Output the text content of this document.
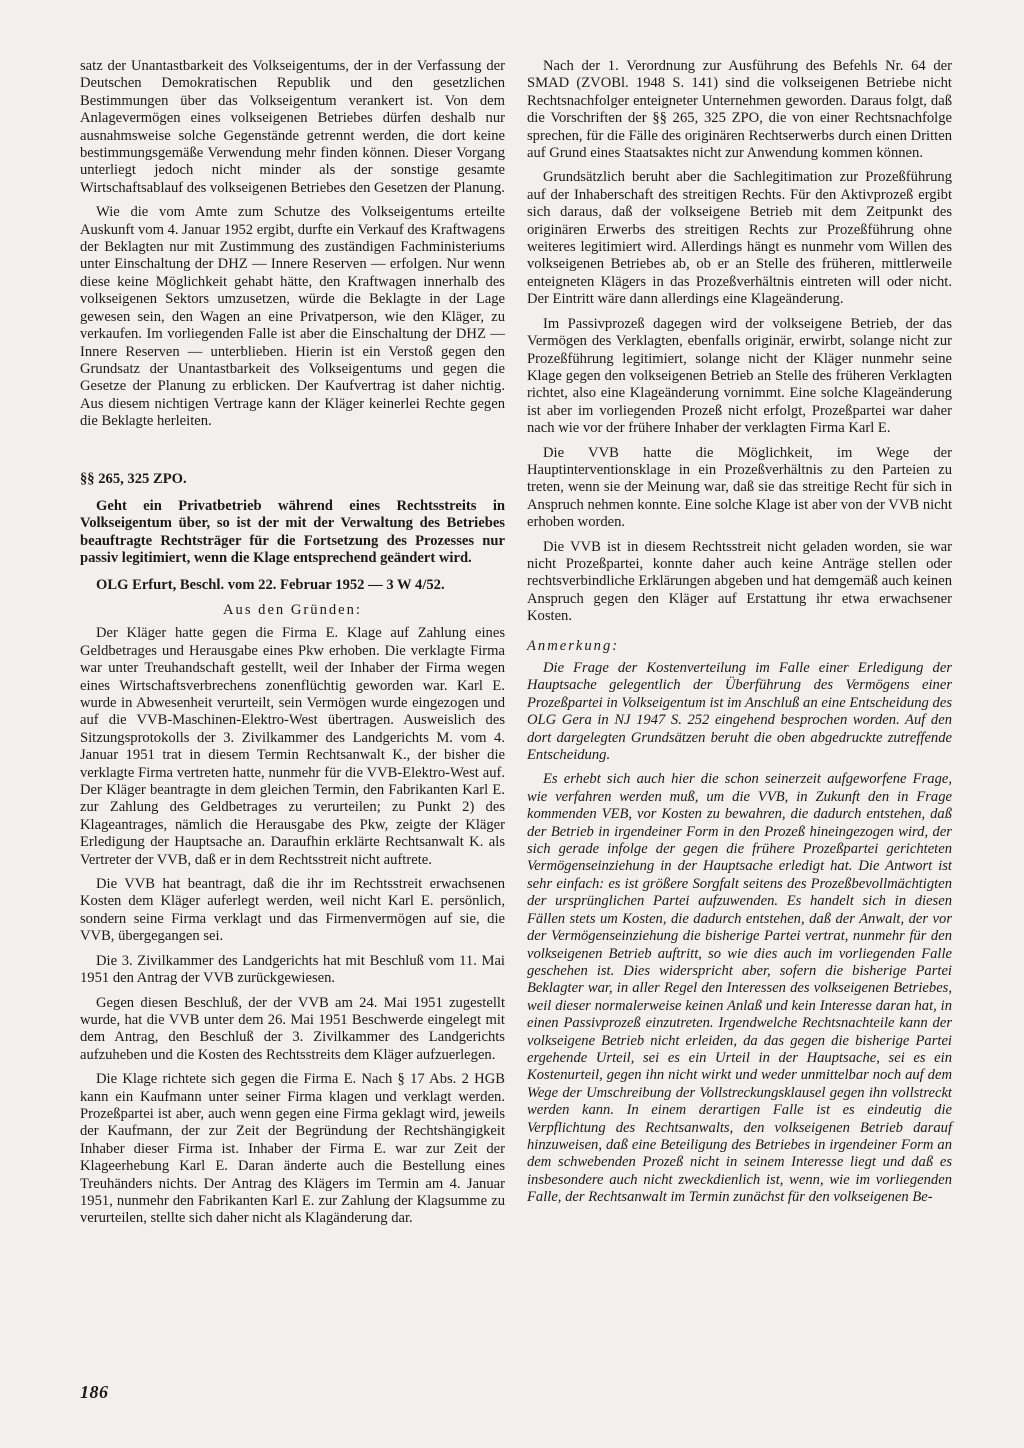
satz der Unantastbarkeit des Volkseigentums, der in der Verfassung der Deutschen Demokratischen Republik und den gesetzlichen Bestimmungen über das Volkseigentum verankert ist. Von dem Anlagevermögen eines volkseigenen Betriebes dürfen deshalb nur ausnahmsweise solche Gegenstände getrennt werden, die dort keine bestimmungsgemäße Verwendung mehr finden können. Dieser Vorgang unterliegt jedoch nicht minder als der sonstige gesamte Wirtschaftsablauf des volkseigenen Betriebes den Gesetzen der Planung.

Wie die vom Amte zum Schutze des Volkseigentums erteilte Auskunft vom 4. Januar 1952 ergibt, durfte ein Verkauf des Kraftwagens der Beklagten nur mit Zustimmung des zuständigen Fachministeriums unter Einschaltung der DHZ — Innere Reserven — erfolgen. Nur wenn diese keine Möglichkeit gehabt hätte, den Kraftwagen innerhalb des volkseigenen Sektors umzusetzen, würde die Beklagte in der Lage gewesen sein, den Wagen an eine Privatperson, wie den Kläger, zu verkaufen. Im vorliegenden Falle ist aber die Einschaltung der DHZ — Innere Reserven — unterblieben. Hierin ist ein Verstoß gegen den Grundsatz der Unantastbarkeit des Volkseigentums und gegen die Gesetze der Planung zu erblicken. Der Kaufvertrag ist daher nichtig. Aus diesem nichtigen Vertrage kann der Kläger keinerlei Rechte gegen die Beklagte herleiten.

§§ 265, 325 ZPO.

Geht ein Privatbetrieb während eines Rechtsstreits in Volkseigentum über, so ist der mit der Verwaltung des Betriebes beauftragte Rechtsträger für die Fortsetzung des Prozesses nur passiv legitimiert, wenn die Klage entsprechend geändert wird.

OLG Erfurt, Beschl. vom 22. Februar 1952 — 3 W 4/52.

Aus den Gründen:

Der Kläger hatte gegen die Firma E. Klage auf Zahlung eines Geldbetrages und Herausgabe eines Pkw erhoben. Die verklagte Firma war unter Treuhandschaft gestellt, weil der Inhaber der Firma wegen eines Wirtschaftsverbrechens zonenflüchtig geworden war. Karl E. wurde in Abwesenheit verurteilt, sein Vermögen wurde eingezogen und auf die VVB-Maschinen-Elektro-West übertragen. Ausweislich des Sitzungsprotokolls der 3. Zivilkammer des Landgerichts M. vom 4. Januar 1951 trat in diesem Termin Rechtsanwalt K., der bisher die verklagte Firma vertreten hatte, nunmehr für die VVB-Elektro-West auf. Der Kläger beantragte in dem gleichen Termin, den Fabrikanten Karl E. zur Zahlung des Geldbetrages zu verurteilen; zu Punkt 2) des Klageantrages, nämlich die Herausgabe des Pkw, zeigte der Kläger Erledigung der Hauptsache an. Daraufhin erklärte Rechtsanwalt K. als Vertreter der VVB, daß er in dem Rechtsstreit nicht auftrete.

Die VVB hat beantragt, daß die ihr im Rechtsstreit erwachsenen Kosten dem Kläger auferlegt werden, weil nicht Karl E. persönlich, sondern seine Firma verklagt und das Firmenvermögen auf sie, die VVB, übergegangen sei.

Die 3. Zivilkammer des Landgerichts hat mit Beschluß vom 11. Mai 1951 den Antrag der VVB zurückgewiesen.

Gegen diesen Beschluß, der der VVB am 24. Mai 1951 zugestellt wurde, hat die VVB unter dem 26. Mai 1951 Beschwerde eingelegt mit dem Antrag, den Beschluß der 3. Zivilkammer des Landgerichts aufzuheben und die Kosten des Rechtsstreits dem Kläger aufzuerlegen.

Die Klage richtete sich gegen die Firma E. Nach § 17 Abs. 2 HGB kann ein Kaufmann unter seiner Firma klagen und verklagt werden. Prozeßpartei ist aber, auch wenn gegen eine Firma geklagt wird, jeweils der Kaufmann, der zur Zeit der Begründung der Rechtshängigkeit Inhaber dieser Firma ist. Inhaber der Firma E. war zur Zeit der Klageerhebung Karl E. Daran änderte auch die Bestellung eines Treuhänders nichts. Der Antrag des Klägers im Termin am 4. Januar 1951, nunmehr den Fabrikanten Karl E. zur Zahlung der Klagsumme zu verurteilen, stellte sich daher nicht als Klagänderung dar.

Nach der 1. Verordnung zur Ausführung des Befehls Nr. 64 der SMAD (ZVOBl. 1948 S. 141) sind die volkseigenen Betriebe nicht Rechtsnachfolger enteigneter Unternehmen geworden. Daraus folgt, daß die Vorschriften der §§ 265, 325 ZPO, die von einer Rechtsnachfolge sprechen, für die Fälle des originären Rechtserwerbs durch einen Dritten auf Grund eines Staatsaktes nicht zur Anwendung kommen können.

Grundsätzlich beruht aber die Sachlegitimation zur Prozeßführung auf der Inhaberschaft des streitigen Rechts. Für den Aktivprozeß ergibt sich daraus, daß der volkseigene Betrieb mit dem Zeitpunkt des originären Erwerbs des streitigen Rechts zur Prozeßführung ohne weiteres legitimiert wird. Allerdings hängt es nunmehr vom Willen des volkseigenen Betriebes ab, ob er an Stelle des früheren, mittlerweile enteigneten Klägers in das Prozeßverhältnis eintreten will oder nicht. Der Eintritt wäre dann allerdings eine Klageänderung.

Im Passivprozeß dagegen wird der volkseigene Betrieb, der das Vermögen des Verklagten, ebenfalls originär, erwirbt, solange nicht zur Prozeßführung legitimiert, solange nicht der Kläger nunmehr seine Klage gegen den volkseigenen Betrieb an Stelle des früheren Verklagten richtet, also eine Klageänderung vornimmt. Eine solche Klageänderung ist aber im vorliegenden Prozeß nicht erfolgt, Prozeßpartei war daher nach wie vor der frühere Inhaber der verklagten Firma Karl E.

Die VVB hatte die Möglichkeit, im Wege der Hauptinterventionsklage in ein Prozeßverhältnis zu den Parteien zu treten, wenn sie der Meinung war, daß sie das streitige Recht für sich in Anspruch nehmen konnte. Eine solche Klage ist aber von der VVB nicht erhoben worden.

Die VVB ist in diesem Rechtsstreit nicht geladen worden, sie war nicht Prozeßpartei, konnte daher auch keine Anträge stellen oder rechtsverbindliche Erklärungen abgeben und hat demgemäß auch keinen Anspruch gegen den Kläger auf Erstattung ihr etwa erwachsener Kosten.

Anmerkung:

Die Frage der Kostenverteilung im Falle einer Erledigung der Hauptsache gelegentlich der Überführung des Vermögens einer Prozeßpartei in Volkseigentum ist im Anschluß an eine Entscheidung des OLG Gera in NJ 1947 S. 252 eingehend besprochen worden. Auf den dort dargelegten Grundsätzen beruht die oben abgedruckte zutreffende Entscheidung.

Es erhebt sich auch hier die schon seinerzeit aufgeworfene Frage, wie verfahren werden muß, um die VVB, in Zukunft den in Frage kommenden VEB, vor Kosten zu bewahren, die dadurch entstehen, daß der Betrieb in irgendeiner Form in den Prozeß hineingezogen wird, der sich gerade infolge der gegen die frühere Prozeßpartei gerichteten Vermögenseinziehung in der Hauptsache erledigt hat. Die Antwort ist sehr einfach: es ist größere Sorgfalt seitens des Prozeßbevollmächtigten der ursprünglichen Partei aufzuwenden. Es handelt sich in diesen Fällen stets um Kosten, die dadurch entstehen, daß der Anwalt, der vor der Vermögenseinziehung die bisherige Partei vertrat, nunmehr für den volkseigenen Betrieb auftritt, so wie dies auch im vorliegenden Falle geschehen ist. Dies widerspricht aber, sofern die bisherige Partei Beklagter war, in aller Regel den Interessen des volkseigenen Betriebes, weil dieser normalerweise keinen Anlaß und kein Interesse daran hat, in einen Passivprozeß einzutreten. Irgendwelche Rechtsnachteile kann der volkseigene Betrieb nicht erleiden, da das gegen die bisherige Partei ergehende Urteil, sei es ein Urteil in der Hauptsache, sei es ein Kostenurteil, gegen ihn nicht wirkt und weder unmittelbar noch auf dem Wege der Umschreibung der Vollstreckungsklausel gegen ihn vollstreckt werden kann. In einem derartigen Falle ist es eindeutig die Verpflichtung des Rechtsanwalts, den volkseigenen Betrieb darauf hinzuweisen, daß eine Beteiligung des Betriebes in irgendeiner Form an dem schwebenden Prozeß nicht in seinem Interesse liegt und daß es insbesondere auch nicht zweckdienlich ist, wenn, wie im vorliegenden Falle, der Rechtsanwalt im Termin zunächst für den volkseigenen Be-

186
